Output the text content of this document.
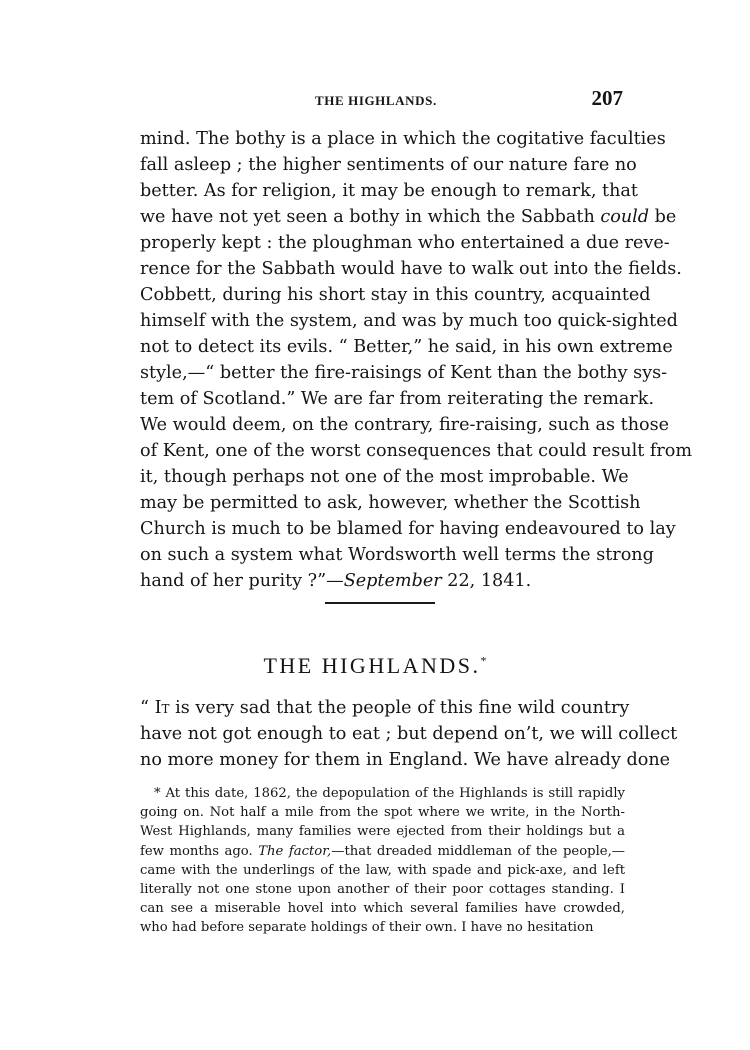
THE HIGHLANDS.	207
mind. The bothy is a place in which the cogitative faculties
fall asleep ; the higher sentiments of our nature fare no
better. As for religion, it may be enough to remark, that
we have not yet seen a bothy in which the Sabbath could be
properly kept : the ploughman who entertained a due reve-
rence for the Sabbath would have to walk out into the fields.
Cobbett, during his short stay in this country, acquainted
himself with the system, and was by much too quick-sighted
not to detect its evils. “ Better,” he said, in his own extreme
style,—“ better the fire-raisings of Kent than the bothy sys-
tem of Scotland.” We are far from reiterating the remark.
We would deem, on the contrary, fire-raising, such as those
of Kent, one of the worst consequences that could result from
it, though perhaps not one of the most improbable. We
may be permitted to ask, however, whether the Scottish
Church is much to be blamed for having endeavoured to lay
on such a system what Wordsworth well terms the strong
hand of her purity ?”—September 22, 1841.
THE HIGHLANDS.*
“ It is very sad that the people of this fine wild country
have not got enough to eat ; but depend on’t, we will collect
no more money for them in England. We have already done
* At this date, 1862, the depopulation of the Highlands is still rapidly
going on. Not half a mile from the spot where we write, in the North-
West Highlands, many families were ejected from their holdings but a
few months ago. The factor,—that dreaded middleman of the people,—
came with the underlings of the law, with spade and pick-axe, and left
literally not one stone upon another of their poor cottages standing. I
can see a miserable hovel into which several families have crowded,
who had before separate holdings of their own. I have no hesitation
